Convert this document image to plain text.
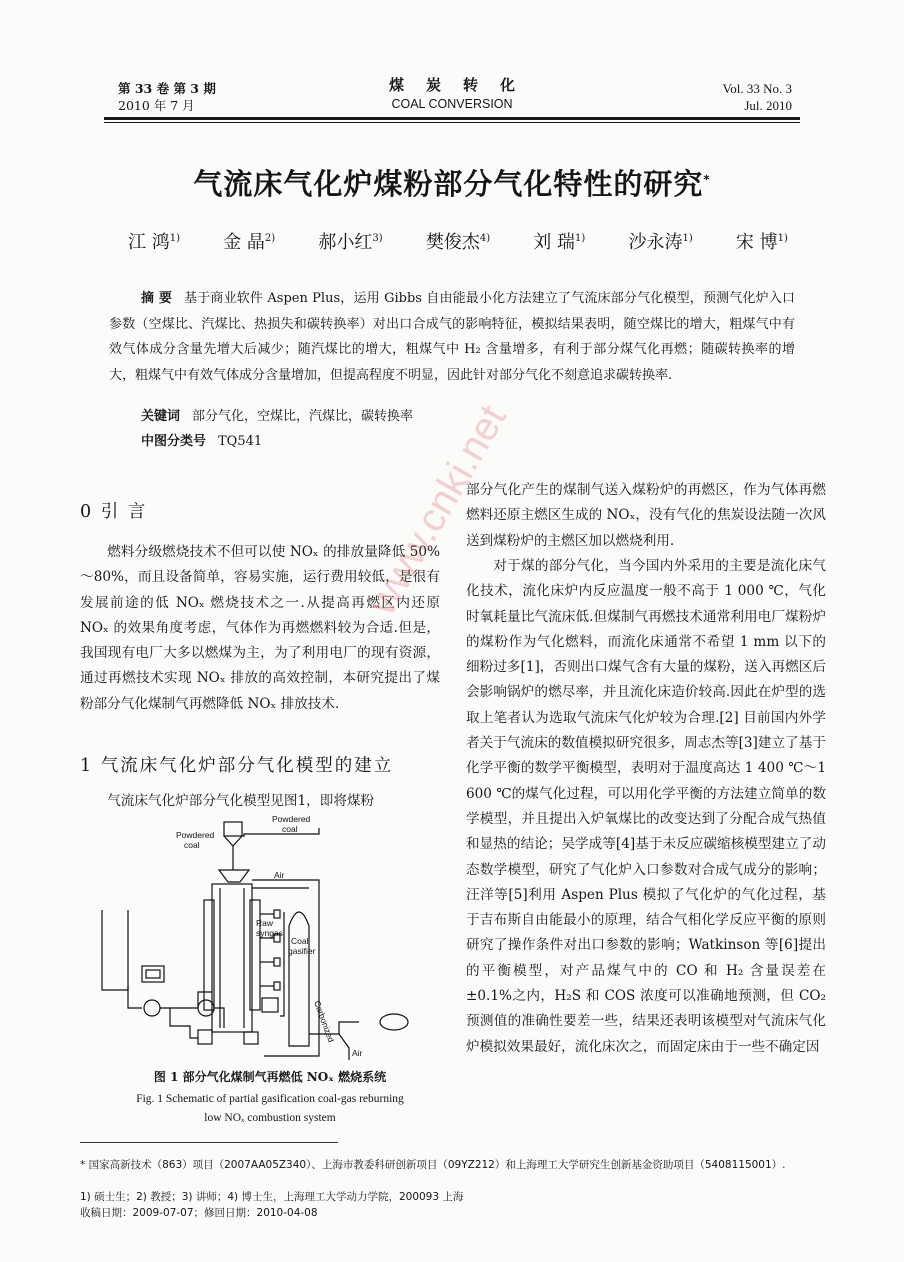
第 33 卷 第 3 期
2010 年 7 月
煤炭转化
COAL CONVERSION
Vol. 33 No. 3
Jul. 2010
气流床气化炉煤粉部分气化特性的研究*
江 鸿$^{1)}$ 金 晶$^{2)}$ 郝小红$^{3)}$ 樊俊杰$^{4)}$ 刘 瑞$^{1)}$ 沙永涛$^{1)}$ 宋 博$^{1)}$
摘 要 基于商业软件 Aspen Plus，运用 Gibbs 自由能最小化方法建立了气流床部分气化模型，预测气化炉入口参数（空煤比、汽煤比、热损失和碳转换率）对出口合成气的影响特征，模拟结果表明，随空煤比的增大，粗煤气中有效气体成分含量先增大后减少；随汽煤比的增大，粗煤气中 H₂ 含量增多，有利于部分煤气化再燃；随碳转换率的增大，粗煤气中有效气体成分含量增加，但提高程度不明显，因此针对部分气化不刻意追求碳转换率.
关键词 部分气化，空煤比，汽煤比，碳转换率
中图分类号 TQ541
0 引 言
燃料分级燃烧技术不但可以使 NOₓ 的排放量降低 50%～80%，而且设备简单，容易实施，运行费用较低，是很有发展前途的低 NOₓ 燃烧技术之一.从提高再燃区内还原 NOₓ 的效果角度考虑，气体作为再燃燃料较为合适.但是，我国现有电厂大多以燃煤为主，为了利用电厂的现有资源，通过再燃技术实现 NOₓ 排放的高效控制，本研究提出了煤粉部分气化煤制气再燃降低 NOₓ 排放技术.
1 气流床气化炉部分气化模型的建立
气流床气化炉部分气化模型见图1，即将煤粉
Powdered
coal
Powdered
coal
Air
Raw
syngas
Coal
gasifier
Carbonized
Air
图 1 部分气化煤制气再燃低 NOₓ 燃烧系统
Fig. 1 Schematic of partial gasification coal-gas reburning
low NOₓ combustion system
部分气化产生的煤制气送入煤粉炉的再燃区，作为气体再燃燃料还原主燃区生成的 NOₓ，没有气化的焦炭设法随一次风送到煤粉炉的主燃区加以燃烧利用.
对于煤的部分气化，当今国内外采用的主要是流化床气化技术，流化床炉内反应温度一般不高于 1 000 ℃，气化时氧耗量比气流床低.但煤制气再燃技术通常利用电厂煤粉炉的煤粉作为气化燃料，而流化床通常不希望 1 mm 以下的细粉过多[1]，否则出口煤气含有大量的煤粉，送入再燃区后会影响锅炉的燃尽率，并且流化床造价较高.因此在炉型的选取上笔者认为选取气流床气化炉较为合理.[2] 目前国内外学者关于气流床的数值模拟研究很多，周志杰等[3]建立了基于化学平衡的数学平衡模型，表明对于温度高达 1 400 ℃～1 600 ℃的煤气化过程，可以用化学平衡的方法建立简单的数学模型，并且提出入炉氧煤比的改变达到了分配合成气热值和显热的结论；吴学成等[4]基于未反应碳缩核模型建立了动态数学模型，研究了气化炉入口参数对合成气成分的影响；汪洋等[5]利用 Aspen Plus 模拟了气化炉的气化过程，基于吉布斯自由能最小的原理，结合气相化学反应平衡的原则研究了操作条件对出口参数的影响；Watkinson 等[6]提出的平衡模型，对产品煤气中的 CO 和 H₂ 含量误差在±0.1%之内，H₂S 和 COS 浓度可以准确地预测，但 CO₂ 预测值的准确性要差一些，结果还表明该模型对气流床气化炉模拟效果最好，流化床次之，而固定床由于一些不确定因
* 国家高新技术（863）项目（2007AA05Z340）、上海市教委科研创新项目（09YZ212）和上海理工大学研究生创新基金资助项目（5408115001）.
1) 硕士生；2) 教授；3) 讲师；4) 博士生，上海理工大学动力学院，200093 上海
收稿日期：2009-07-07；修回日期：2010-04-08
www.cnki.net
